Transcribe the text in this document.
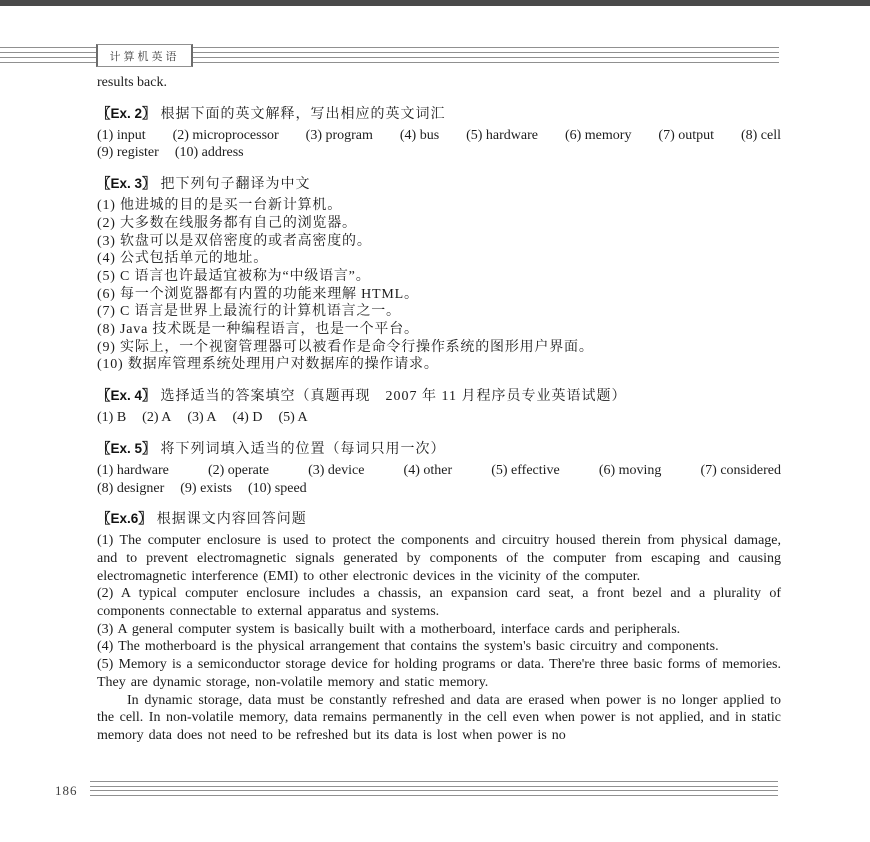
计算机英语
results back.
〖Ex. 2〗 根据下面的英文解释，写出相应的英文词汇
(1) input (2) microprocessor (3) program (4) bus (5) hardware (6) memory (7) output (8) cell
(9) register (10) address
〖Ex. 3〗 把下列句子翻译为中文
(1) 他进城的目的是买一台新计算机。
(2) 大多数在线服务都有自己的浏览器。
(3) 软盘可以是双倍密度的或者高密度的。
(4) 公式包括单元的地址。
(5) C 语言也许最适宜被称为“中级语言”。
(6) 每一个浏览器都有内置的功能来理解 HTML。
(7) C 语言是世界上最流行的计算机语言之一。
(8) Java 技术既是一种编程语言，也是一个平台。
(9) 实际上，一个视窗管理器可以被看作是命令行操作系统的图形用户界面。
(10) 数据库管理系统处理用户对数据库的操作请求。
〖Ex. 4〗 选择适当的答案填空（真题再现　2007 年 11 月程序员专业英语试题）
(1) B (2) A (3) A (4) D (5) A
〖Ex. 5〗 将下列词填入适当的位置（每词只用一次）
(1) hardware	(2) operate	(3) device	(4) other	(5) effective	(6) moving	(7) considered
(8) designer (9) exists (10) speed
〖Ex.6〗 根据课文内容回答问题

(1) The computer enclosure is used to protect the components and circuitry housed therein from physical damage, and to prevent electromagnetic signals generated by components of the computer from escaping and causing electromagnetic interference (EMI) to other electronic devices in the vicinity of the computer.

(2) A typical computer enclosure includes a chassis, an expansion card seat, a front bezel and a plurality of components connectable to external apparatus and systems.

(3) A general computer system is basically built with a motherboard, interface cards and peripherals.

(4) The motherboard is the physical arrangement that contains the system's basic circuitry and components.

(5) Memory is a semiconductor storage device for holding programs or data. There're three basic forms of memories. They are dynamic storage, non-volatile memory and static memory.

In dynamic storage, data must be constantly refreshed and data are erased when power is no longer applied to the cell. In non-volatile memory, data remains permanently in the cell even when power is not applied, and in static memory data does not need to be refreshed but its data is lost when power is no

186
